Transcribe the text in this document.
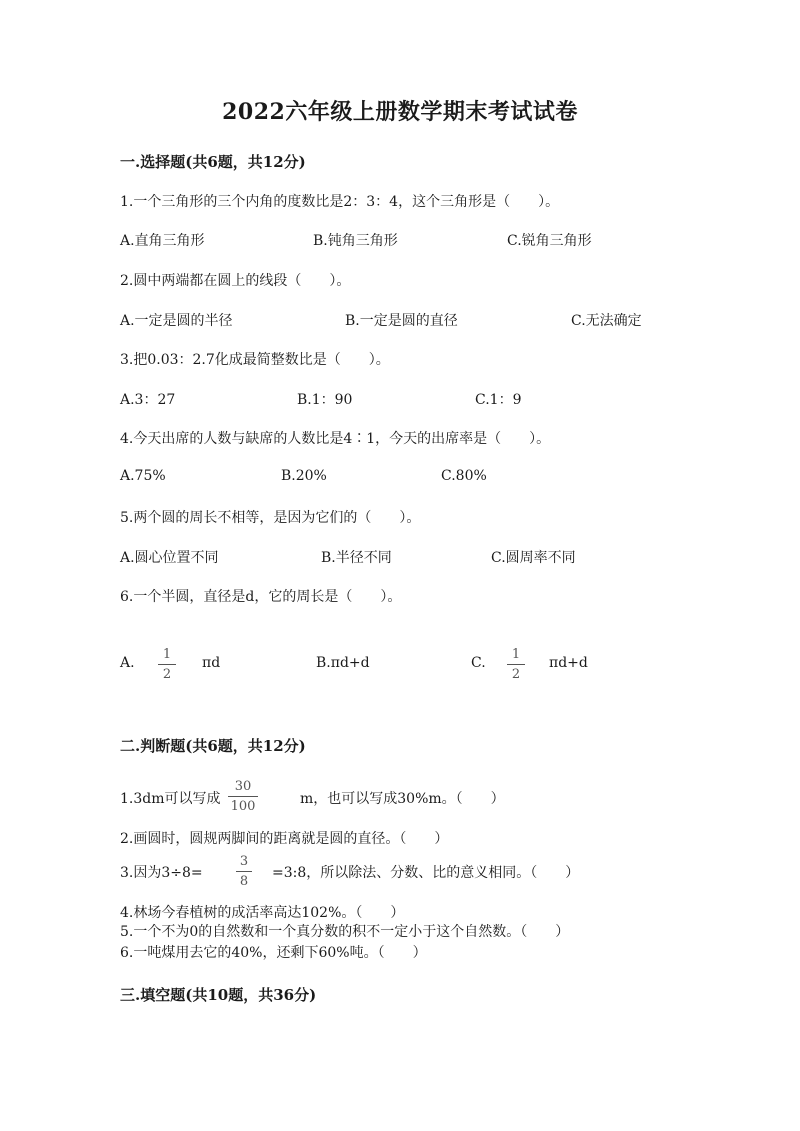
2022六年级上册数学期末考试试卷
一.选择题(共6题，共12分)
1.一个三角形的三个内角的度数比是2：3：4，这个三角形是（　　）。
A.直角三角形	B.钝角三角形	C.锐角三角形
2.圆中两端都在圆上的线段（　　）。
A.一定是圆的半径	B.一定是圆的直径	C.无法确定
3.把0.03：2.7化成最简整数比是（　　）。
A.3：27	B.1：90	C.1：9
4.今天出席的人数与缺席的人数比是4∶1，今天的出席率是（　　）。
A.75%	B.20%	C.80%
5.两个圆的周长不相等，是因为它们的（　　）。
A.圆心位置不同	B.半径不同	C.圆周率不同
6.一个半圆，直径是d，它的周长是（　　）。
A.
1
2
πd	B.πd+d	C.
1
2
πd+d
二.判断题(共6题，共12分)
1.3dm可以写成
30
100	m，也可以写成30%m。（　　）
2.画圆时，圆规两脚间的距离就是圆的直径。（　　）
3.因为3÷8=
3
8
=3:8，所以除法、分数、比的意义相同。（　　）
4.林场今春植树的成活率高达102%。（　　）
5.一个不为0的自然数和一个真分数的积不一定小于这个自然数。（　　）
6.一吨煤用去它的40%，还剩下60%吨。（　　）
三.填空题(共10题，共36分)
